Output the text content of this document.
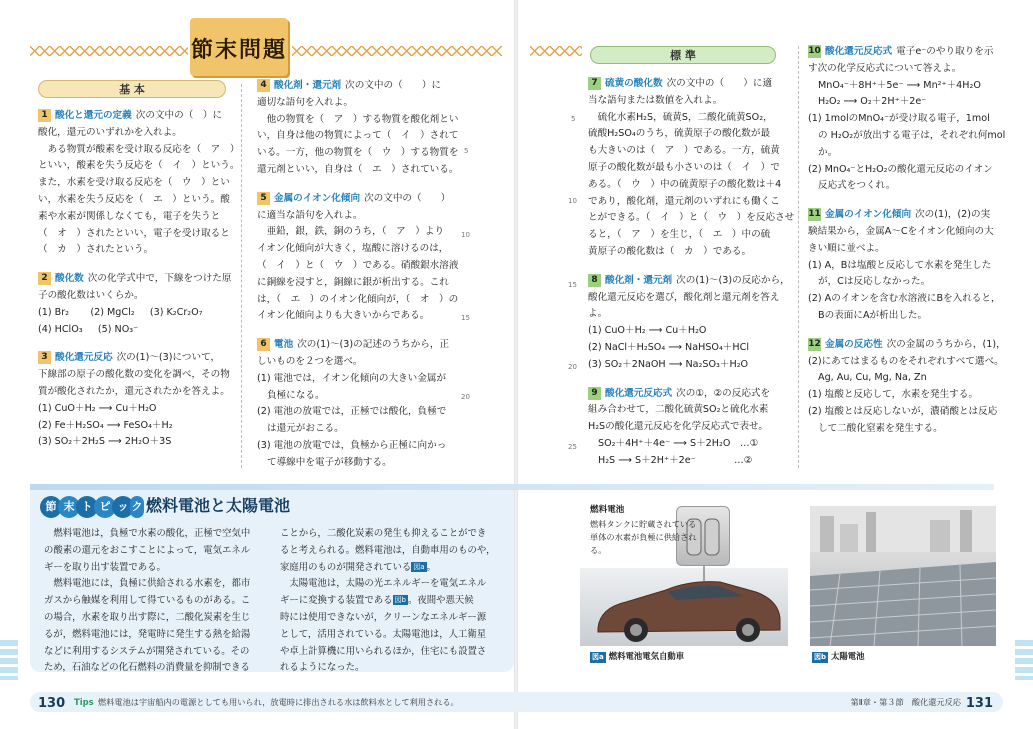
節末問題
基 本
標 準
5
10
15
20
5
10
15
20
25
1 酸化と還元の定義 次の文中の（　）に
酸化，還元のいずれかを入れよ。
　ある物質が酸素を受け取る反応を（　ア　）
といい，酸素を失う反応を（　イ　）という。
また，水素を受け取る反応を（　ウ　）とい
い，水素を失う反応を（　エ　）という。酸
素や水素が関係しなくても，電子を失うと
（　オ　）されたといい，電子を受け取ると
（　カ　）されたという。
2 酸化数 次の化学式中で，下線をつけた原
子の酸化数はいくらか。
(1) Br₂ (2) MgCl₂ (3) K₂Cr₂O₇
(4) HClO₃ (5) NO₃⁻
3 酸化還元反応 次の(1)～(3)について，
下線部の原子の酸化数の変化を調べ，その物
質が酸化されたか，還元されたかを答えよ。
(1) CuO＋H₂ ⟶ Cu＋H₂O
(2) Fe＋H₂SO₄ ⟶ FeSO₄＋H₂
(3) SO₂＋2H₂S ⟶ 2H₂O＋3S
4 酸化剤・還元剤 次の文中の（　　）に
適切な語句を入れよ。
　他の物質を（　ア　）する物質を酸化剤とい
い，自身は他の物質によって（　イ　）されて
いる。一方，他の物質を（　ウ　）する物質を
還元剤といい，自身は（　エ　）されている。
5 金属のイオン化傾向 次の文中の（　　）
に適当な語句を入れよ。
　亜鉛，銀，鉄，銅のうち，（　ア　）より
イオン化傾向が大きく，塩酸に溶けるのは，
（　イ　）と（　ウ　）である。硝酸銀水溶液
に銅線を浸すと，銅線に銀が析出する。これ
は，（　エ　）のイオン化傾向が，（　オ　）の
イオン化傾向よりも大きいからである。
6 電池 次の(1)～(3)の記述のうちから，正
しいものを２つを選べ。
(1) 電池では，イオン化傾向の大きい金属が
負極になる。
(2) 電池の放電では，正極では酸化，負極で
は還元がおこる。
(3) 電池の放電では，負極から正極に向かっ
て導線中を電子が移動する。
7 硫黄の酸化数 次の文中の（　　）に適
当な語句または数値を入れよ。
　硫化水素H₂S，硫黄S，二酸化硫黄SO₂，
硫酸H₂SO₄のうち，硫黄原子の酸化数が最
も大きいのは（　ア　）である。一方，硫黄
原子の酸化数が最も小さいのは（　イ　）で
ある。（　ウ　）中の硫黄原子の酸化数は＋4
であり，酸化剤，還元剤のいずれにも働くこ
とができる。（　イ　）と（　ウ　）を反応させ
ると，（　ア　）を生じ，（　エ　）中の硫
黄原子の酸化数は（　カ　）である。
8 酸化剤・還元剤 次の(1)～(3)の反応から，
酸化還元反応を選び，酸化剤と還元剤を答え
よ。
(1) CuO＋H₂ ⟶ Cu＋H₂O
(2) NaCl＋H₂SO₄ ⟶ NaHSO₄＋HCl
(3) SO₂＋2NaOH ⟶ Na₂SO₃＋H₂O
9 酸化還元反応式 次の①，②の反応式を
組み合わせて，二酸化硫黄SO₂と硫化水素
H₂Sの酸化還元反応を化学反応式で表せ。
SO₂＋4H⁺＋4e⁻ ⟶ S＋2H₂O　…①
H₂S ⟶ S＋2H⁺＋2e⁻　　　　…②
10 酸化還元反応式 電子e⁻のやり取りを示
す次の化学反応式について答えよ。
MnO₄⁻＋8H⁺＋5e⁻ ⟶ Mn²⁺＋4H₂O
H₂O₂ ⟶ O₂＋2H⁺＋2e⁻
(1) 1molのMnO₄⁻が受け取る電子，1mol
の H₂O₂が放出する電子は，それぞれ何mol
か。
(2) MnO₄⁻とH₂O₂の酸化還元反応のイオン
反応式をつくれ。
11 金属のイオン化傾向 次の(1)，(2)の実
験結果から，金属A～Cをイオン化傾向の大
きい順に並べよ。
(1) A，Bは塩酸と反応して水素を発生した
が，Cは反応しなかった。
(2) Aのイオンを含む水溶液にBを入れると，
Bの表面にAが析出した。
12 金属の反応性 次の金属のうちから，(1)，
(2)にあてはまるものをそれぞれすべて選べ。
Ag, Au, Cu, Mg, Na, Zn
(1) 塩酸と反応して，水素を発生する。
(2) 塩酸とは反応しないが，濃硝酸とは反応
して二酸化窒素を発生する。
節 末 ト ピ ッ ク 燃料電池と太陽電池
　燃料電池は，負極で水素の酸化，正極で空気中
の酸素の還元をおこすことによって，電気エネル
ギーを取り出す装置である。
　燃料電池には，負極に供給される水素を，都市
ガスから触媒を利用して得ているものがある。こ
の場合，水素を取り出す際に，二酸化炭素を生じ
るが，燃料電池には，発電時に発生する熱を給湯
などに利用するシステムが開発されている。その
ため，石油などの化石燃料の消費量を抑制できる
ことから，二酸化炭素の発生も抑えることができ
ると考えられる。燃料電池は，自動車用のものや，
家庭用のものが開発されている 図a 。
　太陽電池は，太陽の光エネルギーを電気エネル
ギーに変換する装置である 図b 。夜間や悪天候
時には使用できないが，クリーンなエネルギー源
として，活用されている。太陽電池は，人工衛星
や卓上計算機に用いられるほか，住宅にも設置さ
れるようになった。
燃料電池
燃料タンクに貯蔵されている単体の水素が負極に供給される。
図a 燃料電池電気自動車	図b 太陽電池
130 Tips 燃料電池は宇宙船内の電源としても用いられ，放電時に排出される水は飲料水として利用される。	第Ⅱ章・第３節　酸化還元反応 131
